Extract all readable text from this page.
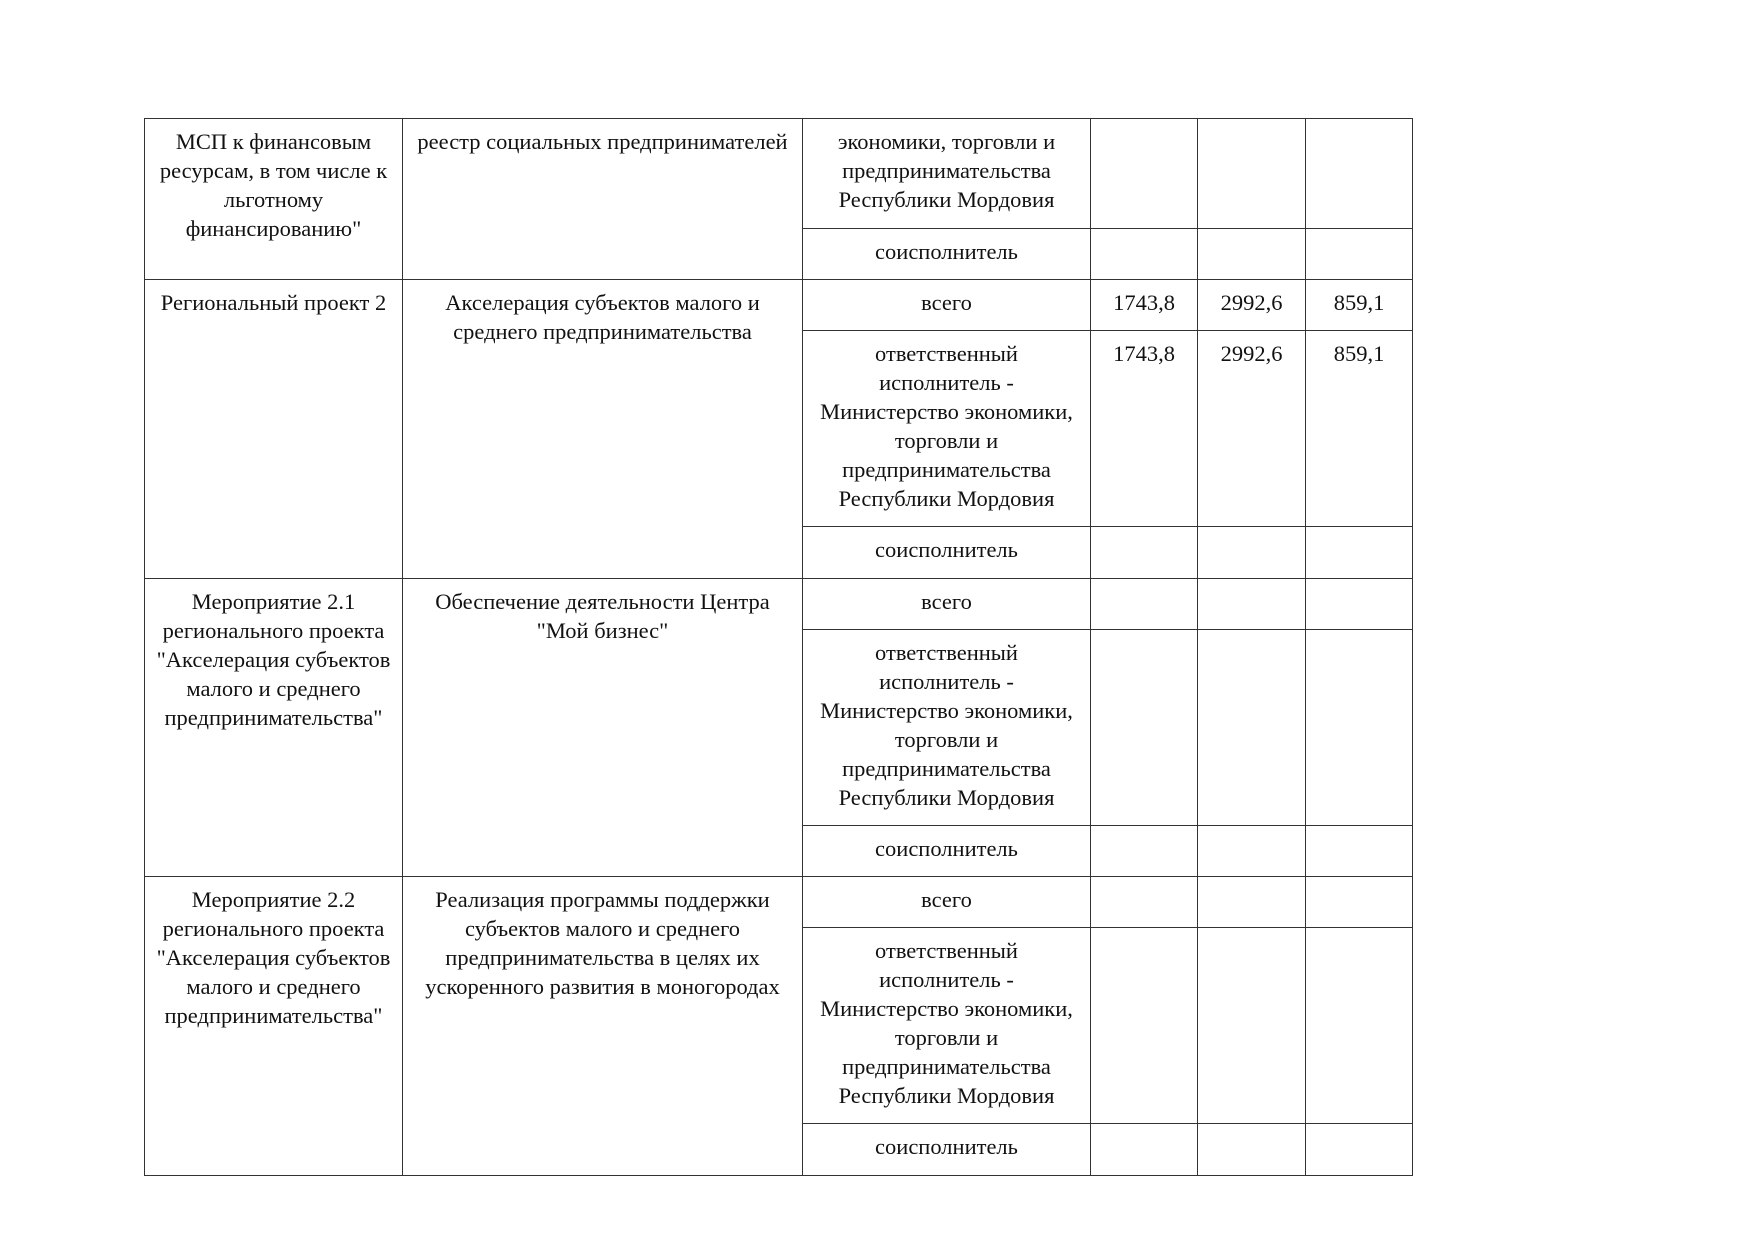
МСП к финансовым ресурсам, в том числе к льготному финансированию"	реестр социальных предпринимателей	экономики, торговли и предпринимательства Республики Мордовия			
		соисполнитель			
Региональный проект 2	Акселерация субъектов малого и среднего предпринимательства	всего	1743,8	2992,6	859,1
		ответственный исполнитель - Министерство экономики, торговли и предпринимательства Республики Мордовия	1743,8	2992,6	859,1
		соисполнитель			
Мероприятие 2.1 регионального проекта "Акселерация субъектов малого и среднего предпринимательства"	Обеспечение деятельности Центра "Мой бизнес"	всего			
		ответственный исполнитель - Министерство экономики, торговли и предпринимательства Республики Мордовия			
		соисполнитель			
Мероприятие 2.2 регионального проекта "Акселерация субъектов малого и среднего предпринимательства"	Реализация программы поддержки субъектов малого и среднего предпринимательства в целях их ускоренного развития в моногородах	всего			
		ответственный исполнитель - Министерство экономики, торговли и предпринимательства Республики Мордовия			
		соисполнитель			
